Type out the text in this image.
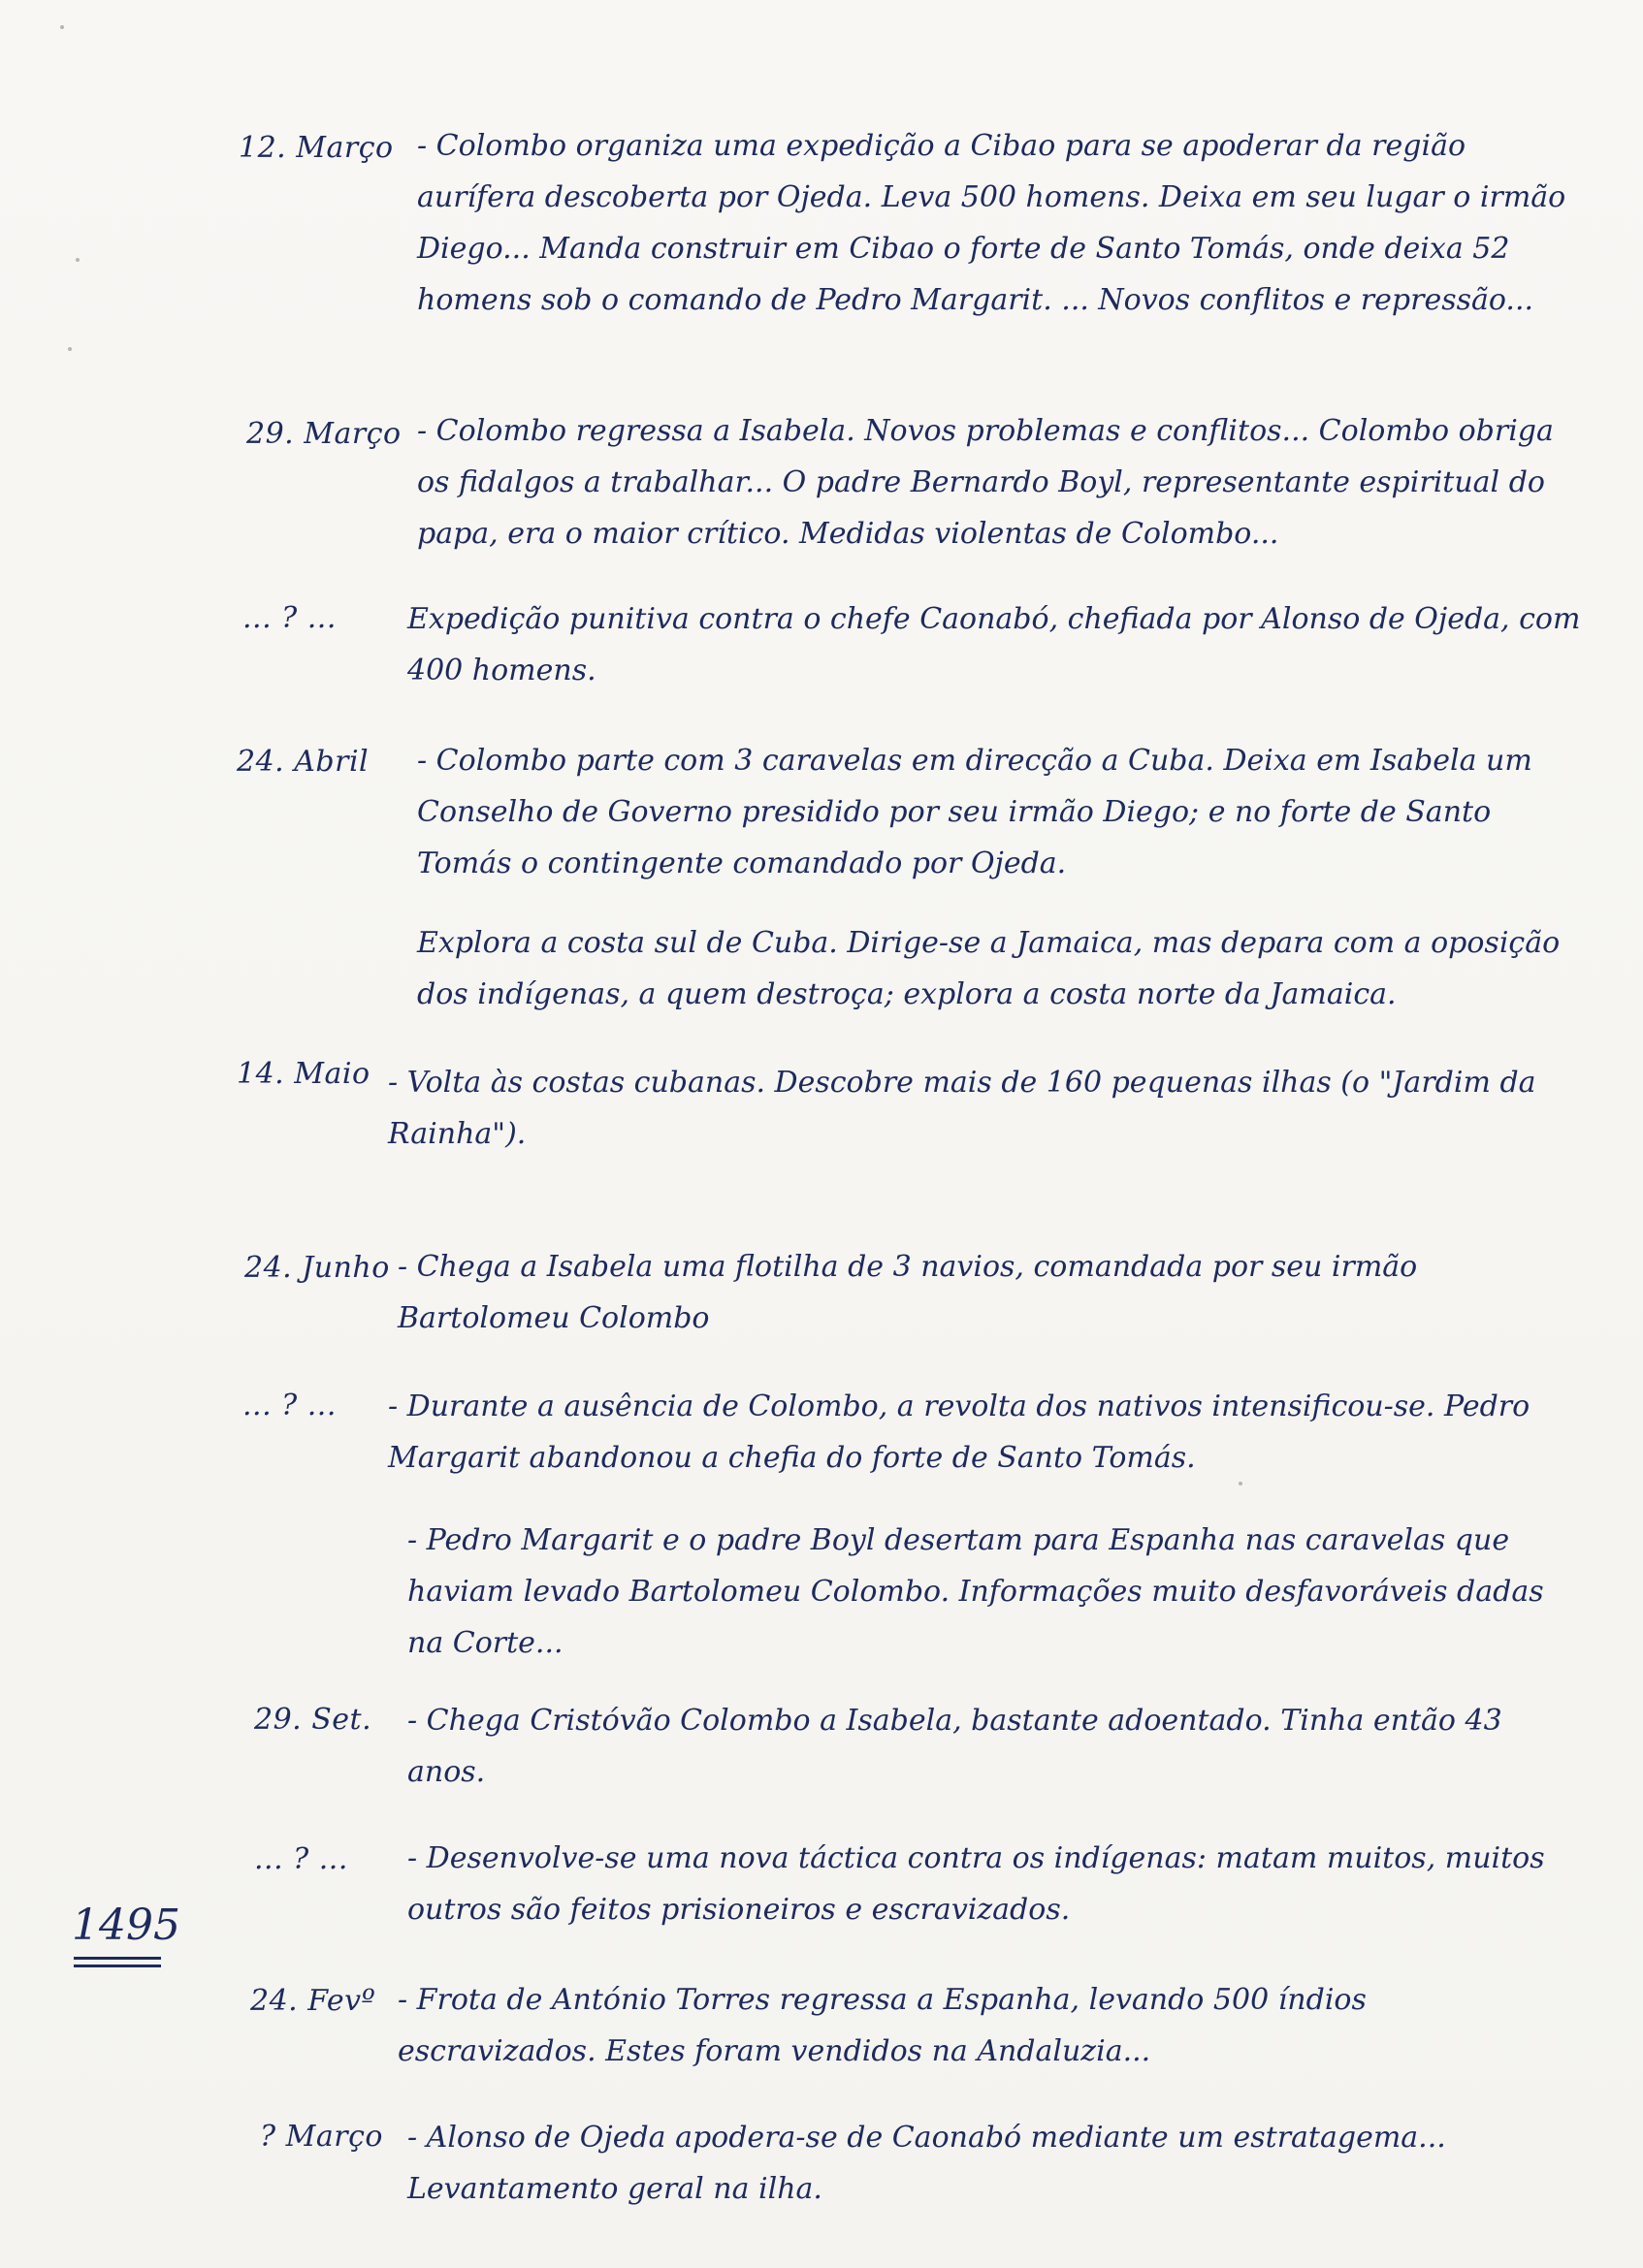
12. Março - Colombo organiza uma expedição a Cibao para se apoderar da região aurífera descoberta por Ojeda. Leva 500 homens. Deixa em seu lugar o irmão Diego... Manda construir em Cibao o forte de Santo Tomás, onde deixa 52 homens sob o comando de Pedro Margarit. ... Novos conflitos e repressão...
29. Março - Colombo regressa a Isabela. Novos problemas e conflitos... Colombo obriga os fidalgos a trabalhar... O padre Bernardo Boyl, representante espiritual do papa, era o maior crítico. Medidas violentas de Colombo...
... ? ... Expedição punitiva contra o chefe Caonabó, chefiada por Alonso de Ojeda, com 400 homens.
24. Abril - Colombo parte com 3 caravelas em direcção a Cuba. Deixa em Isabela um Conselho de Governo presidido por seu irmão Diego; e no forte de Santo Tomás o contingente comandado por Ojeda.
Explora a costa sul de Cuba. Dirige-se a Jamaica, mas depara com a oposição dos indígenas, a quem destroça; explora a costa norte da Jamaica.
14. Maio - Volta às costas cubanas. Descobre mais de 160 pequenas ilhas (o "Jardim da Rainha").
24. Junho - Chega a Isabela uma flotilha de 3 navios, comandada por seu irmão Bartolomeu Colombo
... ? ... - Durante a ausência de Colombo, a revolta dos nativos intensificou-se. Pedro Margarit abandonou a chefia do forte de Santo Tomás.
- Pedro Margarit e o padre Boyl desertam para Espanha nas caravelas que haviam levado Bartolomeu Colombo. Informações muito desfavoráveis dadas na Corte...
29. Set. - Chega Cristóvão Colombo a Isabela, bastante adoentado. Tinha então 43 anos.
... ? ... - Desenvolve-se uma nova táctica contra os indígenas: matam muitos, muitos outros são feitos prisioneiros e escravizados.
1495
24. Fevº - Frota de António Torres regressa a Espanha, levando 500 índios escravizados. Estes foram vendidos na Andaluzia...
? Março - Alonso de Ojeda apodera-se de Caonabó mediante um estratagema... Levantamento geral na ilha.
